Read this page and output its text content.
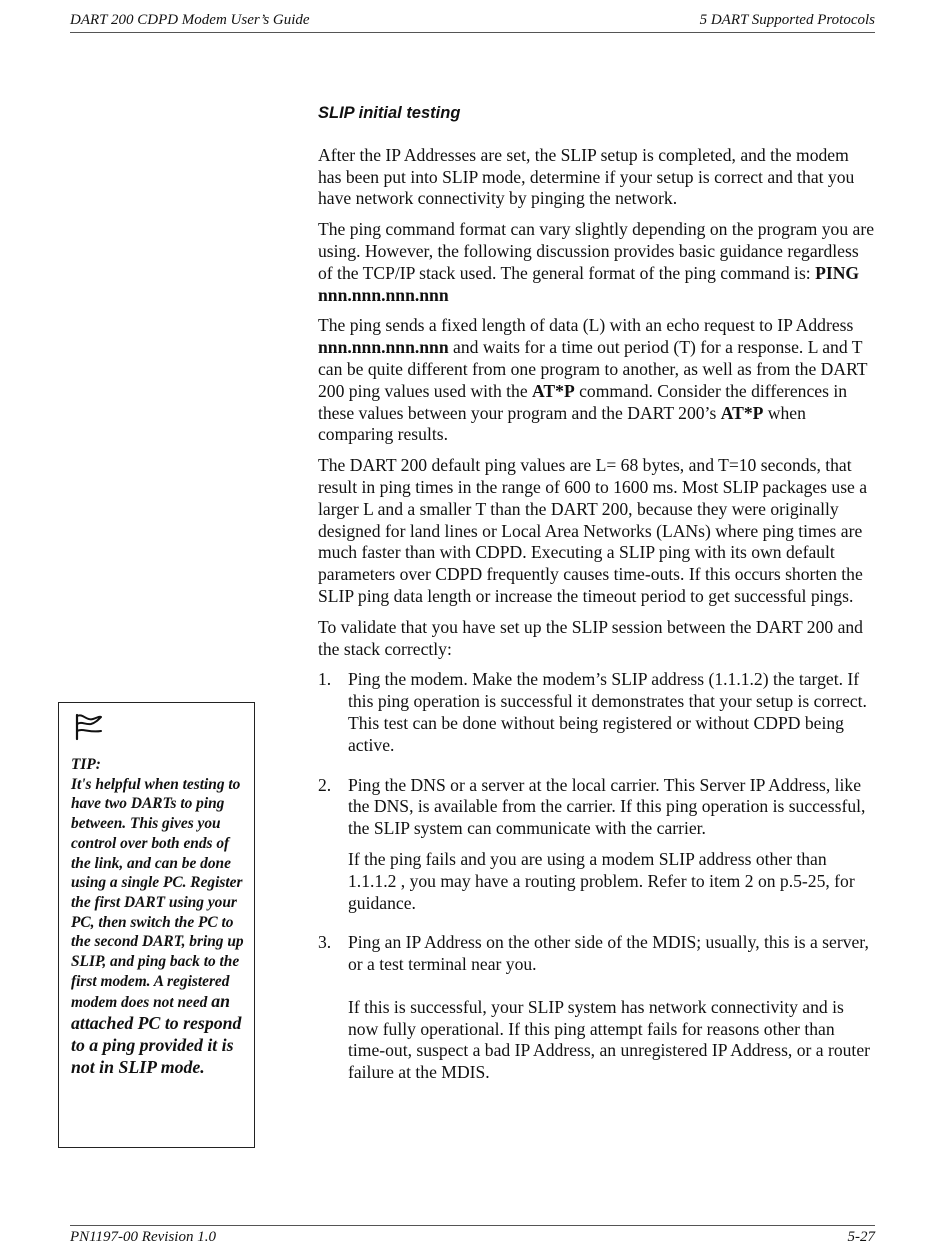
DART 200 CDPD Modem User’s Guide	5 DART Supported Protocols
SLIP initial testing

After the IP Addresses are set, the SLIP setup is completed, and the modem has been put into SLIP mode, determine if your setup is correct and that you have network connectivity by pinging the network.

The ping command format can vary slightly depending on the program you are using. However, the following discussion provides basic guidance regardless of the TCP/IP stack used. The general format of the ping command is: PING nnn.nnn.nnn.nnn

The ping sends a fixed length of data (L) with an echo request to IP Address nnn.nnn.nnn.nnn and waits for a time out period (T) for a response. L and T can be quite different from one program to another, as well as from the DART 200 ping values used with the AT*P command. Consider the differences in these values between your program and the DART 200’s AT*P when comparing results.

The DART 200 default ping values are L= 68 bytes, and T=10 seconds, that result in ping times in the range of 600 to 1600 ms. Most SLIP packages use a larger L and a smaller T than the DART 200, because they were originally designed for land lines or Local Area Networks (LANs) where ping times are much faster than with CDPD. Executing a SLIP ping with its own default parameters over CDPD frequently causes time-outs. If this occurs shorten the SLIP ping data length or increase the timeout period to get successful pings.

To validate that you have set up the SLIP session between the DART 200 and the stack correctly:

1. Ping the modem. Make the modem’s SLIP address (1.1.1.2) the target. If this ping operation is successful it demonstrates that your setup is correct. This test can be done without being registered or without CDPD being active.

2. Ping the DNS or a server at the local carrier. This Server IP Address, like the DNS, is available from the carrier. If this ping operation is successful, the SLIP system can communicate with the carrier.

If the ping fails and you are using a modem SLIP address other than 1.1.1.2 , you may have a routing problem. Refer to item 2 on p.5-25, for guidance.

3. Ping an IP Address on the other side of the MDIS; usually, this is a server, or a test terminal near you.

If this is successful, your SLIP system has network connectivity and is now fully operational. If this ping attempt fails for reasons other than time-out, suspect a bad IP Address, an unregistered IP Address, or a router failure at the MDIS.

TIP:
It's helpful when testing to have two DARTs to ping between. This gives you control over both ends of the link, and can be done using a single PC. Register the first DART using your PC, then switch the PC to the second DART, bring up SLIP, and ping back to the first modem. A registered modem does not need an attached PC to respond to a ping provided it is not in SLIP mode.
PN1197-00 Revision 1.0	5-27
